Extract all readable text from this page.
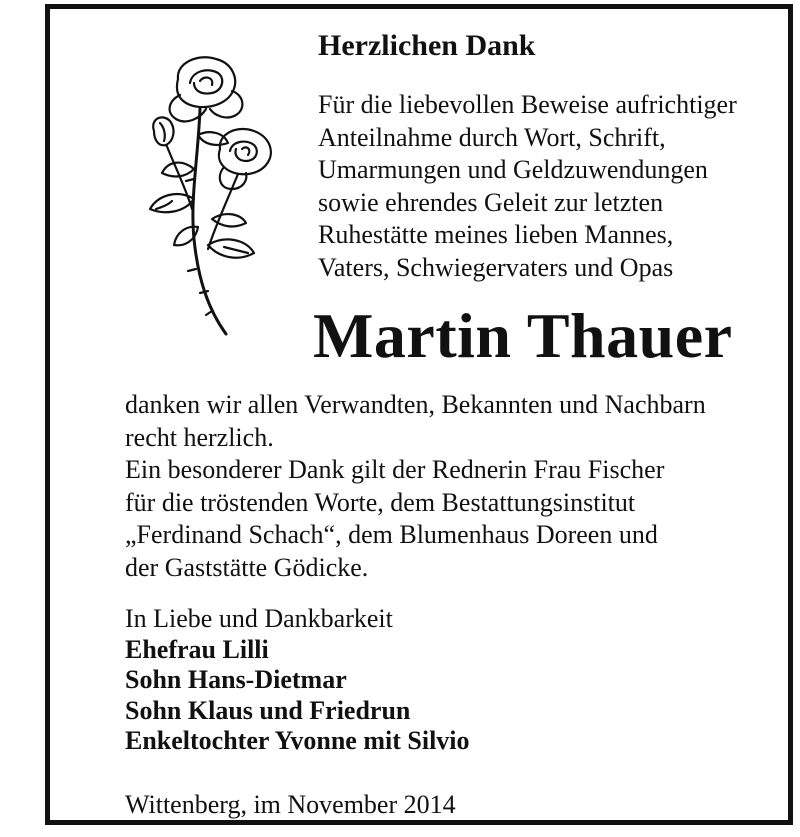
Herzlichen Dank
Für die liebevollen Beweise aufrichtiger
Anteilnahme durch Wort, Schrift,
Umarmungen und Geldzuwendungen
sowie ehrendes Geleit zur letzten
Ruhestätte meines lieben Mannes,
Vaters, Schwiegervaters und Opas
Martin Thauer
danken wir allen Verwandten, Bekannten und Nachbarn
recht herzlich.
Ein besonderer Dank gilt der Rednerin Frau Fischer
für die tröstenden Worte, dem Bestattungsinstitut
„Ferdinand Schach“, dem Blumenhaus Doreen und
der Gaststätte Gödicke.
In Liebe und Dankbarkeit
Ehefrau Lilli
Sohn Hans-Dietmar
Sohn Klaus und Friedrun
Enkeltochter Yvonne mit Silvio
Wittenberg, im November 2014
